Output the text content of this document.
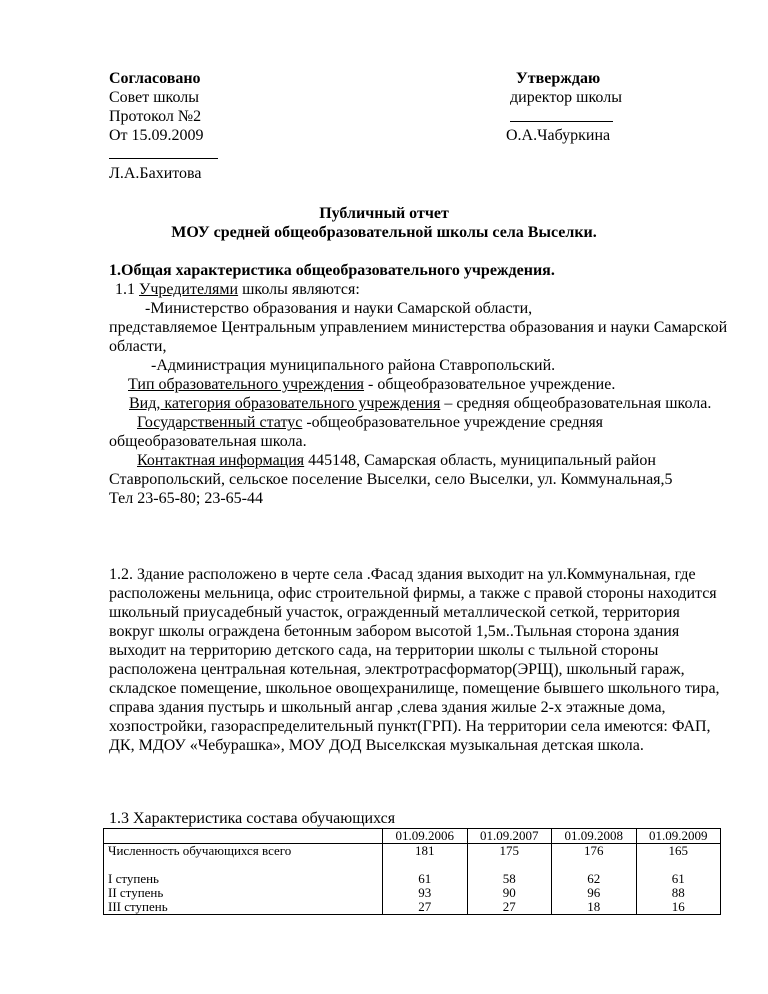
Согласовано
Совет школы
Протокол №2
От 15.09.2009
Л.А.Бахитова
Утверждаю
директор школы
О.А.Чабуркина
Публичный отчет
МОУ средней общеобразовательной школы села Выселки.
1.Общая характеристика общеобразовательного учреждения.

1.1 Учредителями школы являются:

-Министерство образования и науки Самарской области,
представляемое Центральным управлением министерства образования и науки Самарской области,

-Администрация муниципального района Ставропольский.

Тип образовательного учреждения - общеобразовательное учреждение.

Вид, категория образовательного учреждения – средняя общеобразовательная школа.

Государственный статус -общеобразовательное учреждение средняя общеобразовательная школа.

Контактная информация 445148, Самарская область, муниципальный район Ставропольский, сельское поселение Выселки, село Выселки, ул. Коммунальная,5

Тел 23-65-80; 23-65-44

1.2. Здание расположено в черте села .Фасад здания выходит на ул.Коммунальная, где расположены мельница, офис строительной фирмы, а также с правой стороны находится школьный приусадебный участок, огражденный металлической сеткой, территория вокруг школы ограждена бетонным забором высотой 1,5м..Тыльная сторона здания выходит на территорию детского сада, на территории школы с тыльной стороны расположена центральная котельная, электротрасформатор(ЭРЩ), школьный гараж, складское помещение, школьное овощехранилище, помещение бывшего школьного тира, справа здания пустырь и школьный ангар ,слева здания жилые 2-х этажные дома, хозпостройки, газораспределительный пункт(ГРП). На территории села имеются: ФАП, ДК, МДОУ «Чебурашка», МОУ ДОД Выселкская музыкальная детская школа.
1.3 Характеристика состава обучающихся
	01.09.2006	01.09.2007	01.09.2008	01.09.2009
Численность обучающихся всего	181	175	176	165
I ступень	61	58	62	61
II ступень	93	90	96	88
III ступень	27	27	18	16
